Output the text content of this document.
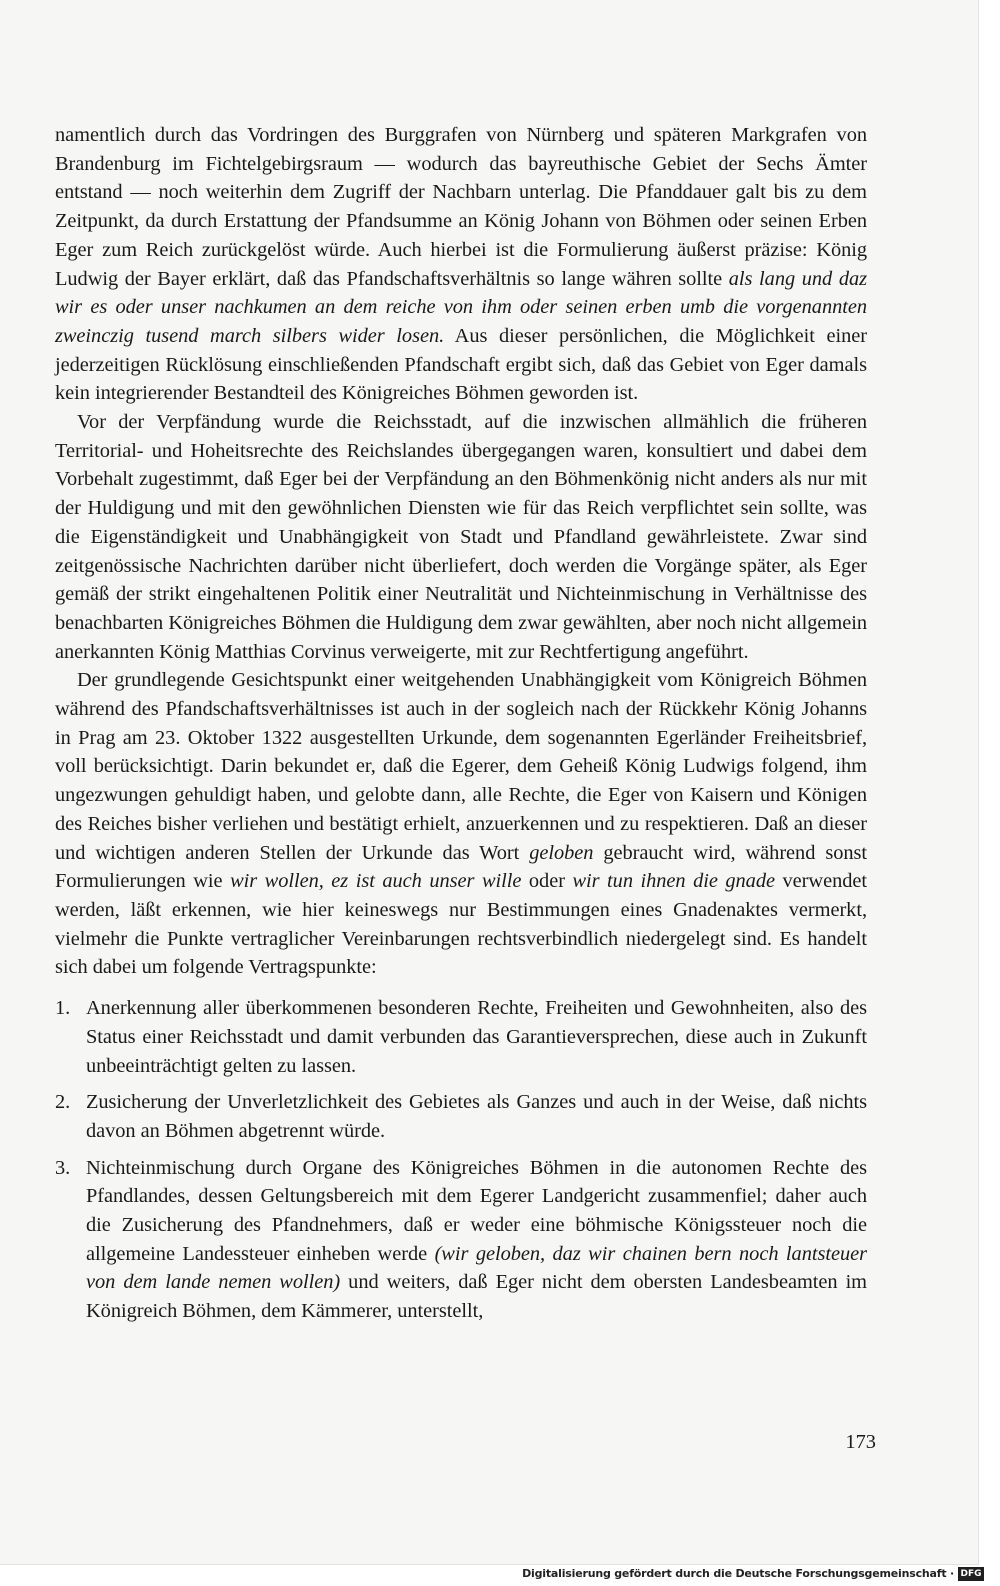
namentlich durch das Vordringen des Burggrafen von Nürnberg und späteren Markgrafen von Brandenburg im Fichtelgebirgsraum — wodurch das bayreuthische Gebiet der Sechs Ämter entstand — noch weiterhin dem Zugriff der Nachbarn unterlag. Die Pfanddauer galt bis zu dem Zeitpunkt, da durch Erstattung der Pfandsumme an König Johann von Böhmen oder seinen Erben Eger zum Reich zurückgelöst würde. Auch hierbei ist die Formulierung äußerst präzise: König Ludwig der Bayer erklärt, daß das Pfandschaftsverhältnis so lange währen sollte als lang und daz wir es oder unser nachkumen an dem reiche von ihm oder seinen erben umb die vorgenannten zweinczig tusend march silbers wider losen. Aus dieser persönlichen, die Möglichkeit einer jederzeitigen Rücklösung einschließenden Pfandschaft ergibt sich, daß das Gebiet von Eger damals kein integrierender Bestandteil des Königreiches Böhmen geworden ist.

Vor der Verpfändung wurde die Reichsstadt, auf die inzwischen allmählich die früheren Territorial- und Hoheitsrechte des Reichslandes übergegangen waren, konsultiert und dabei dem Vorbehalt zugestimmt, daß Eger bei der Verpfändung an den Böhmenkönig nicht anders als nur mit der Huldigung und mit den gewöhnlichen Diensten wie für das Reich verpflichtet sein sollte, was die Eigenständigkeit und Unabhängigkeit von Stadt und Pfandland gewährleistete. Zwar sind zeitgenössische Nachrichten darüber nicht überliefert, doch werden die Vorgänge später, als Eger gemäß der strikt eingehaltenen Politik einer Neutralität und Nichteinmischung in Verhältnisse des benachbarten Königreiches Böhmen die Huldigung dem zwar gewählten, aber noch nicht allgemein anerkannten König Matthias Corvinus verweigerte, mit zur Rechtfertigung angeführt.

Der grundlegende Gesichtspunkt einer weitgehenden Unabhängigkeit vom Königreich Böhmen während des Pfandschaftsverhältnisses ist auch in der sogleich nach der Rückkehr König Johanns in Prag am 23. Oktober 1322 ausgestellten Urkunde, dem sogenannten Egerländer Freiheitsbrief, voll berücksichtigt. Darin bekundet er, daß die Egerer, dem Geheiß König Ludwigs folgend, ihm ungezwungen gehuldigt haben, und gelobte dann, alle Rechte, die Eger von Kaisern und Königen des Reiches bisher verliehen und bestätigt erhielt, anzuerkennen und zu respektieren. Daß an dieser und wichtigen anderen Stellen der Urkunde das Wort geloben gebraucht wird, während sonst Formulierungen wie wir wollen, ez ist auch unser wille oder wir tun ihnen die gnade verwendet werden, läßt erkennen, wie hier keineswegs nur Bestimmungen eines Gnadenaktes vermerkt, vielmehr die Punkte vertraglicher Vereinbarungen rechtsverbindlich niedergelegt sind. Es handelt sich dabei um folgende Vertragspunkte:

1. Anerkennung aller überkommenen besonderen Rechte, Freiheiten und Gewohnheiten, also des Status einer Reichsstadt und damit verbunden das Garantieversprechen, diese auch in Zukunft unbeeinträchtigt gelten zu lassen.
2. Zusicherung der Unverletzlichkeit des Gebietes als Ganzes und auch in der Weise, daß nichts davon an Böhmen abgetrennt würde.
3. Nichteinmischung durch Organe des Königreiches Böhmen in die autonomen Rechte des Pfandlandes, dessen Geltungsbereich mit dem Egerer Landgericht zusammenfiel; daher auch die Zusicherung des Pfandnehmers, daß er weder eine böhmische Königssteuer noch die allgemeine Landessteuer einheben werde (wir geloben, daz wir chainen bern noch lantsteuer von dem lande nemen wollen) und weiters, daß Eger nicht dem obersten Landesbeamten im Königreich Böhmen, dem Kämmerer, unterstellt,
173
Digitalisierung gefördert durch die Deutsche Forschungsgemeinschaft · DFG
